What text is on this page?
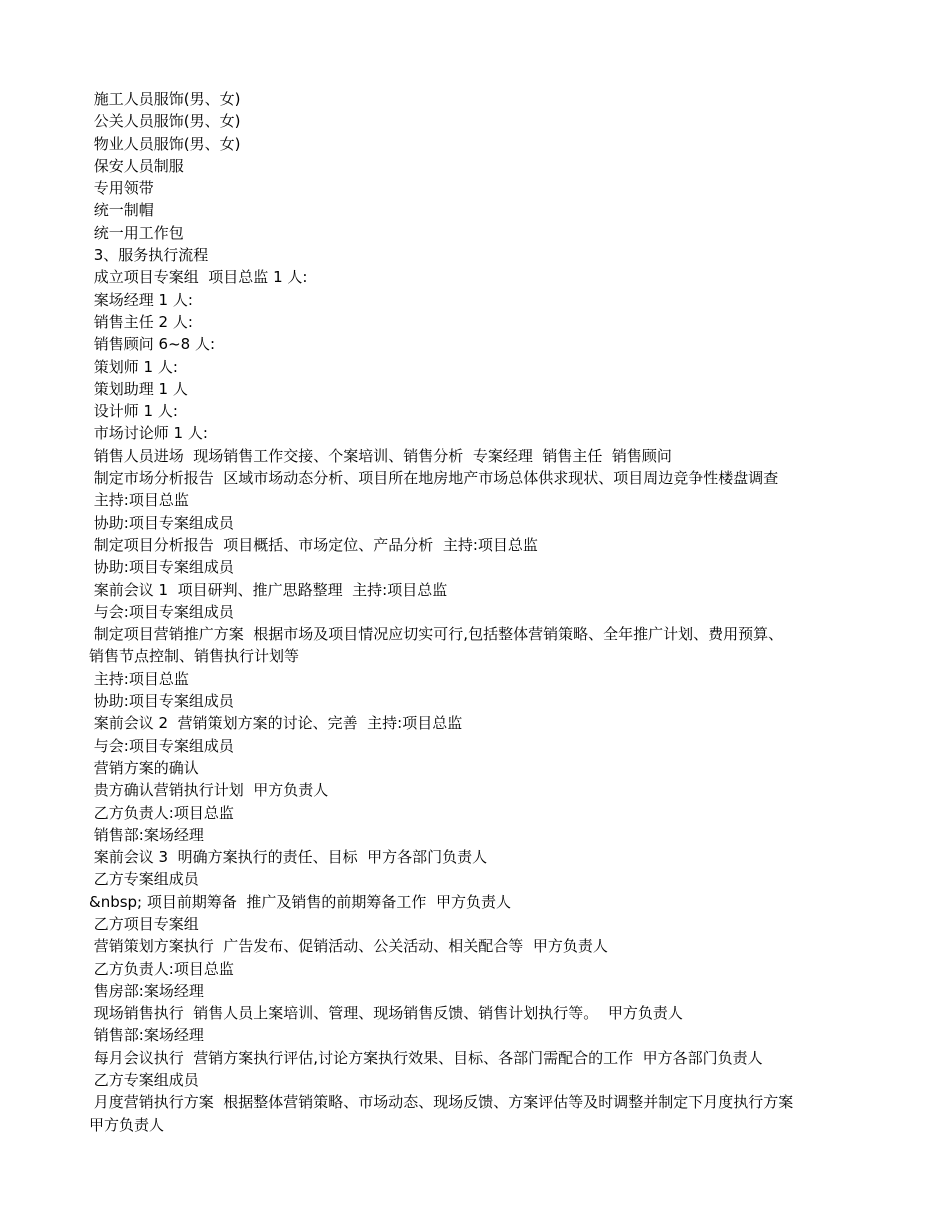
施工人员服饰(男、女)
公关人员服饰(男、女)
物业人员服饰(男、女)
保安人员制服
专用领带
统一制帽
统一用工作包
3、服务执行流程
成立项目专案组  项目总监 1 人:
案场经理 1 人:
销售主任 2 人:
销售顾问 6~8 人:
策划师 1 人:
策划助理 1 人
设计师 1 人:
市场讨论师 1 人:
销售人员进场  现场销售工作交接、个案培训、销售分析  专案经理  销售主任  销售顾问
制定市场分析报告  区域市场动态分析、项目所在地房地产市场总体供求现状、项目周边竞争性楼盘调查
主持:项目总监
协助:项目专案组成员
制定项目分析报告  项目概括、市场定位、产品分析  主持:项目总监
协助:项目专案组成员
案前会议 1  项目研判、推广思路整理  主持:项目总监
与会:项目专案组成员
制定项目营销推广方案  根据市场及项目情况应切实可行,包括整体营销策略、全年推广计划、费用预算、
销售节点控制、销售执行计划等
主持:项目总监
协助:项目专案组成员
案前会议 2  营销策划方案的讨论、完善  主持:项目总监
与会:项目专案组成员
营销方案的确认
贵方确认营销执行计划  甲方负责人
乙方负责人:项目总监
销售部:案场经理
案前会议 3  明确方案执行的责任、目标  甲方各部门负责人
乙方专案组成员
&nbsp; 项目前期筹备  推广及销售的前期筹备工作  甲方负责人
乙方项目专案组
营销策划方案执行  广告发布、促销活动、公关活动、相关配合等  甲方负责人
乙方负责人:项目总监
售房部:案场经理
现场销售执行  销售人员上案培训、管理、现场销售反馈、销售计划执行等。  甲方负责人
销售部:案场经理
每月会议执行  营销方案执行评估,讨论方案执行效果、目标、各部门需配合的工作  甲方各部门负责人
乙方专案组成员
月度营销执行方案  根据整体营销策略、市场动态、现场反馈、方案评估等及时调整并制定下月度执行方案
甲方负责人
